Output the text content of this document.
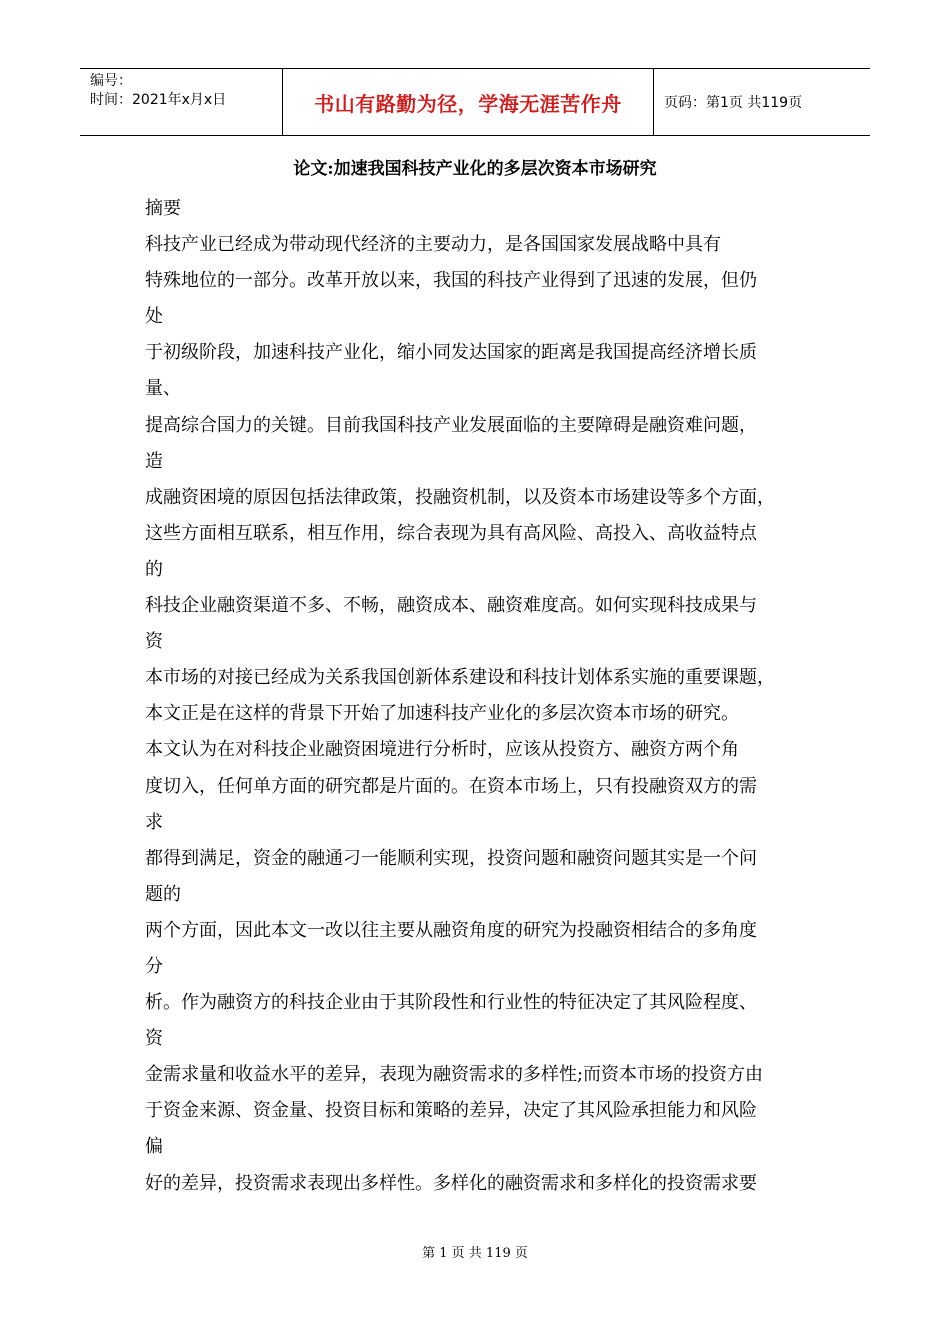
编号：
时间：2021年x月x日	书山有路勤为径，学海无涯苦作舟	页码：第1页 共119页
论文:加速我国科技产业化的多层次资本市场研究
摘要
科技产业已经成为带动现代经济的主要动力，是各国国家发展战略中具有
特殊地位的一部分。改革开放以来，我国的科技产业得到了迅速的发展，但仍
处
于初级阶段，加速科技产业化，缩小同发达国家的距离是我国提高经济增长质
量、
提高综合国力的关键。目前我国科技产业发展面临的主要障碍是融资难问题，
造
成融资困境的原因包括法律政策，投融资机制，以及资本市场建设等多个方面，
这些方面相互联系，相互作用，综合表现为具有高风险、高投入、高收益特点
的
科技企业融资渠道不多、不畅，融资成本、融资难度高。如何实现科技成果与
资
本市场的对接已经成为关系我国创新体系建设和科技计划体系实施的重要课题，
本文正是在这样的背景下开始了加速科技产业化的多层次资本市场的研究。
本文认为在对科技企业融资困境进行分析时，应该从投资方、融资方两个角
度切入，任何单方面的研究都是片面的。在资本市场上，只有投融资双方的需
求
都得到满足，资金的融通刁一能顺利实现，投资问题和融资问题其实是一个问
题的
两个方面，因此本文一改以往主要从融资角度的研究为投融资相结合的多角度
分
析。作为融资方的科技企业由于其阶段性和行业性的特征决定了其风险程度、
资
金需求量和收益水平的差异，表现为融资需求的多样性;而资本市场的投资方由
于资金来源、资金量、投资目标和策略的差异，决定了其风险承担能力和风险
偏
好的差异，投资需求表现出多样性。多样化的融资需求和多样化的投资需求要
第 1 页 共 119 页
